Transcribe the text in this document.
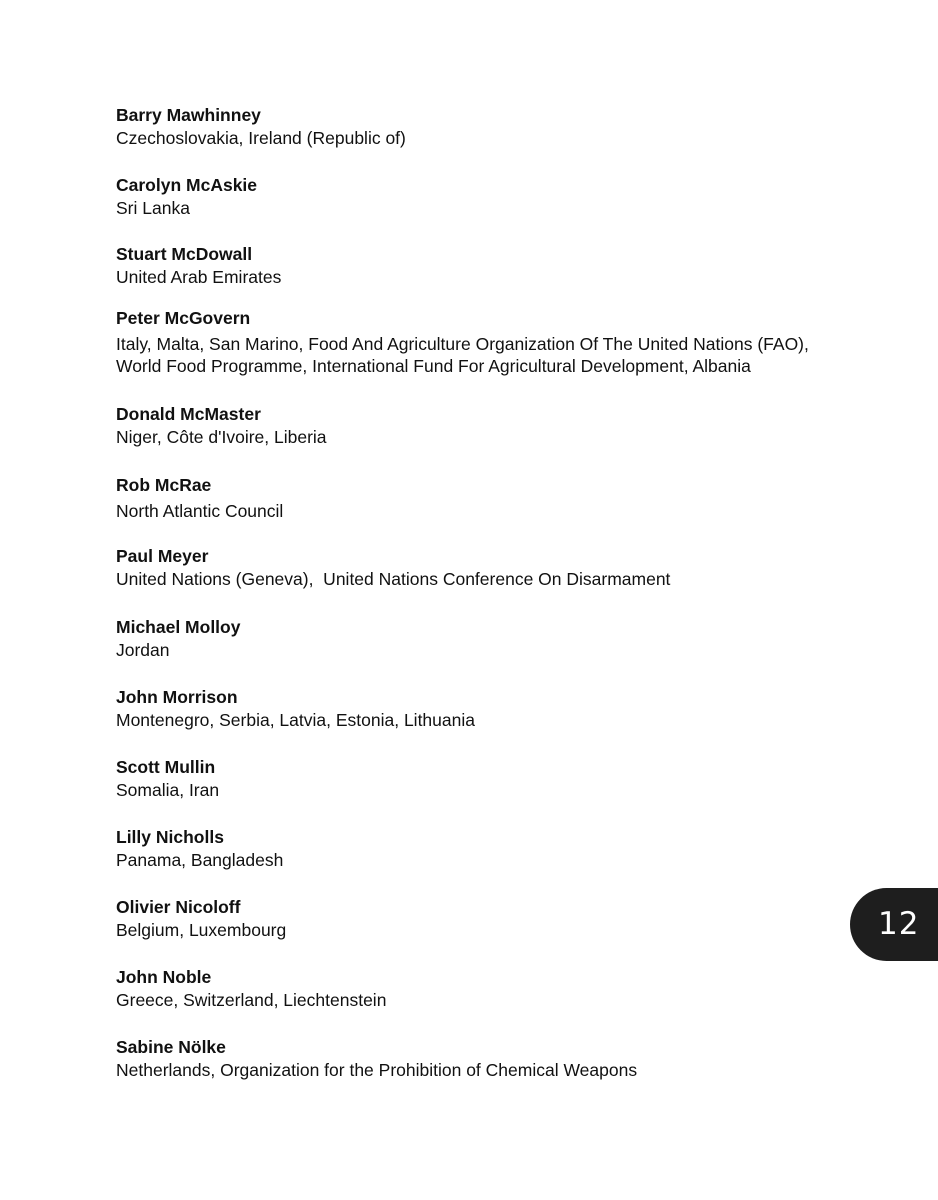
Barry Mawhinney
Czechoslovakia, Ireland (Republic of)
Carolyn McAskie
Sri Lanka
Stuart McDowall
United Arab Emirates
Peter McGovern
Italy, Malta, San Marino, Food And Agriculture Organization Of The United Nations (FAO),
World Food Programme, International Fund For Agricultural Development, Albania
Donald McMaster
Niger, Côte d'Ivoire, Liberia
Rob McRae
North Atlantic Council
Paul Meyer
United Nations (Geneva),  United Nations Conference On Disarmament
Michael Molloy
Jordan
John Morrison
Montenegro, Serbia, Latvia, Estonia, Lithuania
Scott Mullin
Somalia, Iran
Lilly Nicholls
Panama, Bangladesh
Olivier Nicoloff
Belgium, Luxembourg
John Noble
Greece, Switzerland, Liechtenstein
Sabine Nölke
Netherlands, Organization for the Prohibition of Chemical Weapons
12
